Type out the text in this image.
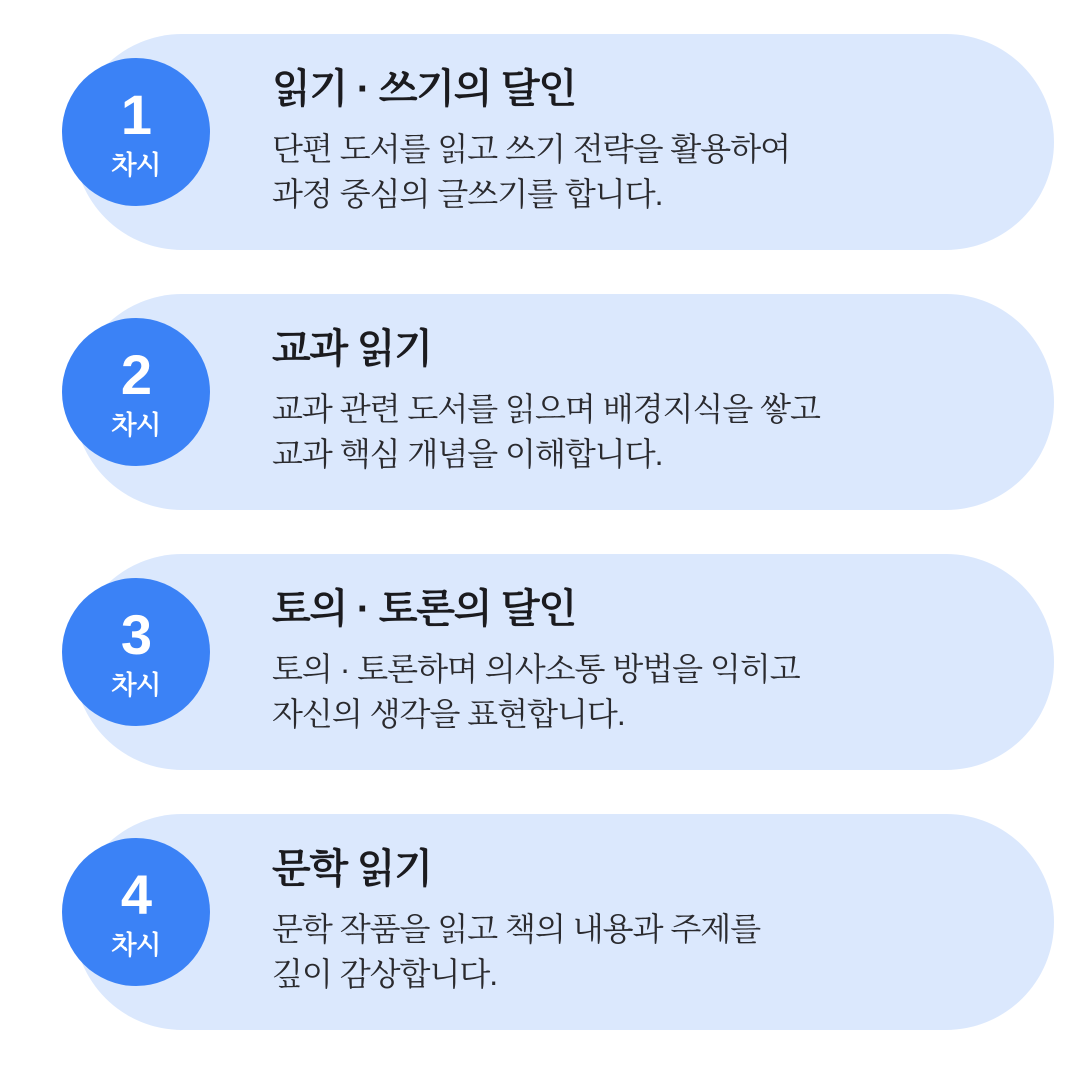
1
차시
읽기 · 쓰기의 달인

단편 도서를 읽고 쓰기 전략을 활용하여

과정 중심의 글쓰기를 합니다.

2
차시
교과 읽기

교과 관련 도서를 읽으며 배경지식을 쌓고

교과 핵심 개념을 이해합니다.

3
차시
토의 · 토론의 달인

토의 · 토론하며 의사소통 방법을 익히고

자신의 생각을 표현합니다.

4
차시
문학 읽기

문학 작품을 읽고 책의 내용과 주제를

깊이 감상합니다.
